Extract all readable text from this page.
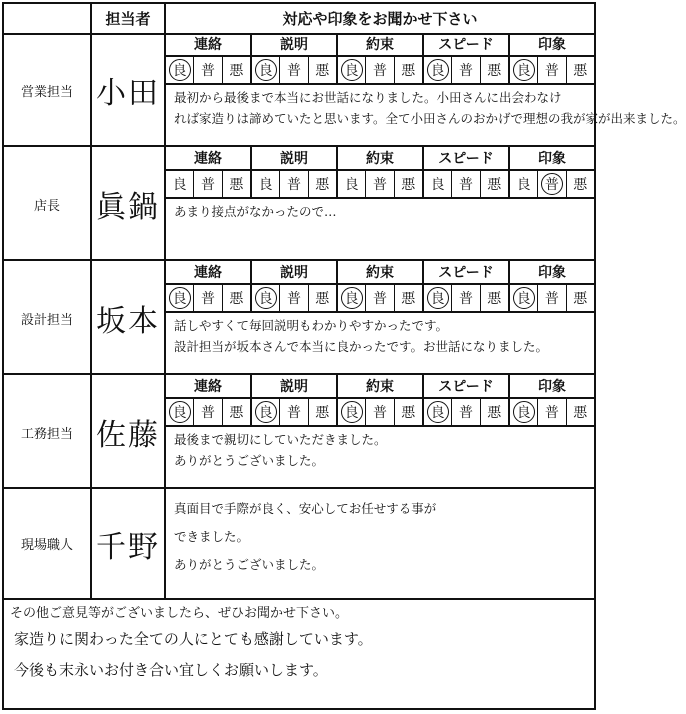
担当者	対応や印象をお聞かせ下さい
営業担当 小田
連絡	説明	約束	スピード	印象
良 普 悪 良 普 悪 良 普 悪 良 普 悪 良 普 悪
最初から最後まで本当にお世話になりました。小田さんに出会わなけ
れば家造りは諦めていたと思います。全て小田さんのおかげで理想の我が家が出来ました。
店長	眞鍋
連絡	説明	約束	スピード	印象
良 普 悪 良 普 悪 良 普 悪 良 普 悪 良 普 悪
あまり接点がなかったので…
設計担当 坂本
連絡	説明	約束	スピード	印象
良 普 悪 良 普 悪 良 普 悪 良 普 悪 良 普 悪
話しやすくて毎回説明もわかりやすかったです。
設計担当が坂本さんで本当に良かったです。お世話になりました。
工務担当 佐藤
連絡	説明	約束	スピード	印象
良 普 悪 良 普 悪 良 普 悪 良 普 悪 良 普 悪
最後まで親切にしていただきました。
ありがとうございました。
現場職人 千野
真面目で手際が良く、安心してお任せする事が
できました。
ありがとうございました。
その他ご意見等がございましたら、ぜひお聞かせ下さい。
家造りに関わった全ての人にとても感謝しています。
今後も末永いお付き合い宜しくお願いします。
